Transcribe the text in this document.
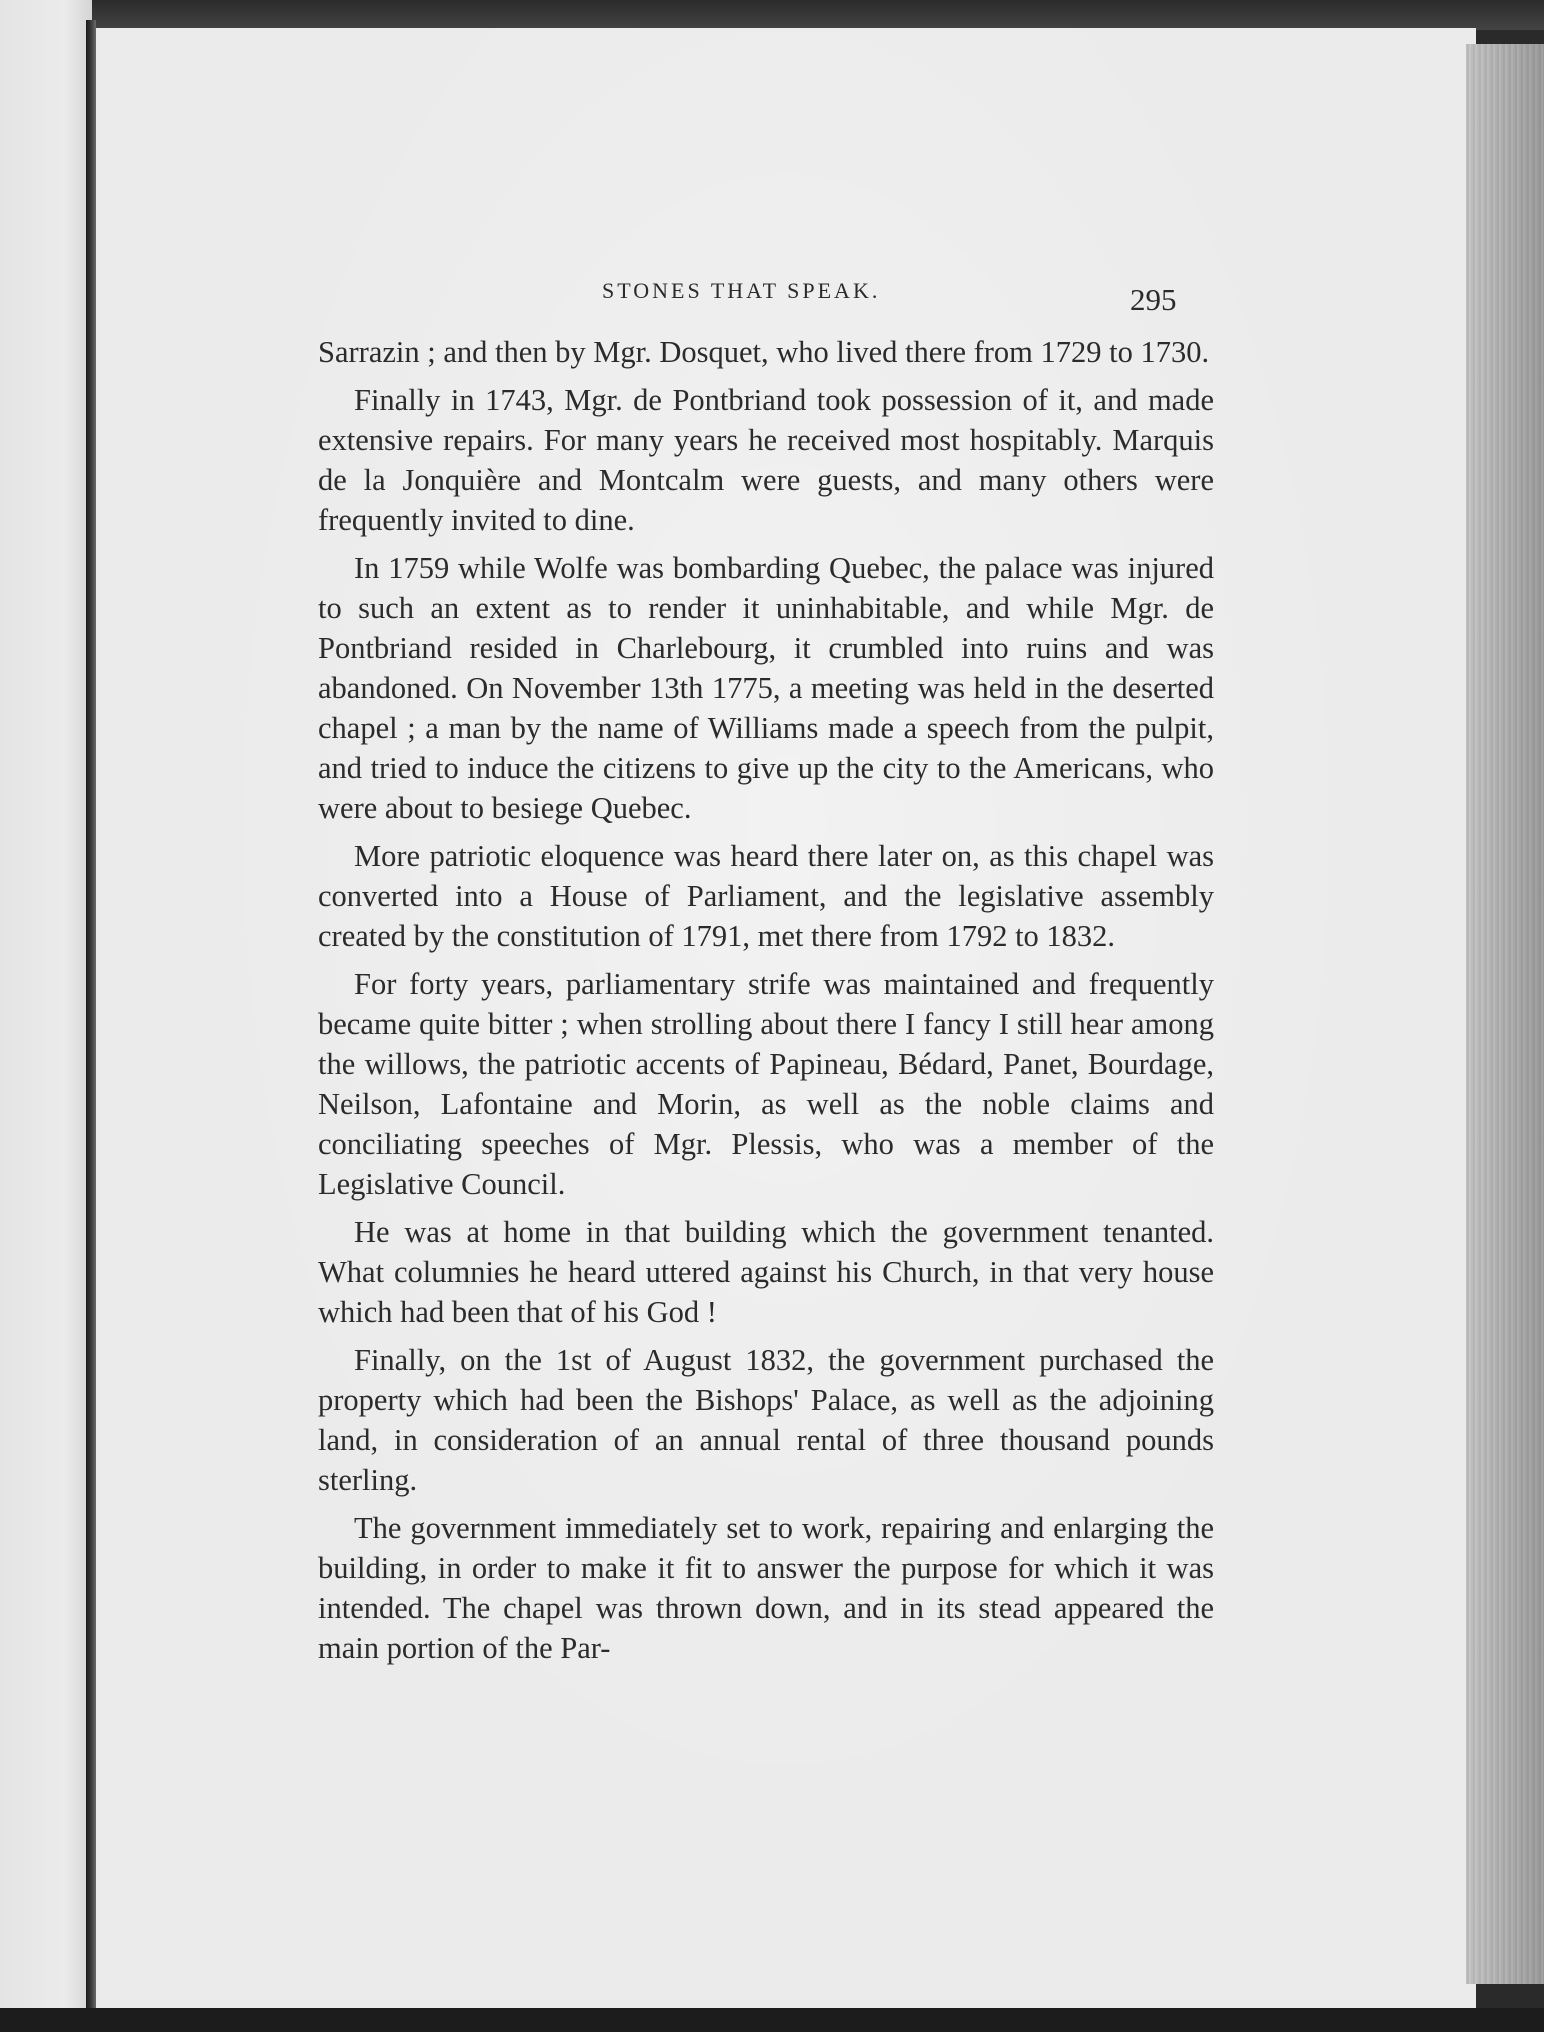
STONES THAT SPEAK.	295

Sarrazin ; and then by Mgr. Dosquet, who lived there from 1729 to 1730.

Finally in 1743, Mgr. de Pontbriand took possession of it, and made extensive repairs. For many years he received most hospitably. Marquis de la Jonquière and Montcalm were guests, and many others were frequently invited to dine.

In 1759 while Wolfe was bombarding Quebec, the palace was injured to such an extent as to render it uninhabitable, and while Mgr. de Pontbriand resided in Charlebourg, it crumbled into ruins and was abandoned. On November 13th 1775, a meeting was held in the deserted chapel ; a man by the name of Williams made a speech from the pulpit, and tried to induce the citizens to give up the city to the Americans, who were about to besiege Quebec.

More patriotic eloquence was heard there later on, as this chapel was converted into a House of Parliament, and the legislative assembly created by the constitution of 1791, met there from 1792 to 1832.

For forty years, parliamentary strife was maintained and frequently became quite bitter ; when strolling about there I fancy I still hear among the willows, the patriotic accents of Papineau, Bédard, Panet, Bourdage, Neilson, Lafontaine and Morin, as well as the noble claims and conciliating speeches of Mgr. Plessis, who was a member of the Legislative Council.

He was at home in that building which the government tenanted. What columnies he heard uttered against his Church, in that very house which had been that of his God !

Finally, on the 1st of August 1832, the government purchased the property which had been the Bishops' Palace, as well as the adjoining land, in consideration of an annual rental of three thousand pounds sterling.

The government immediately set to work, repairing and enlarging the building, in order to make it fit to answer the purpose for which it was intended. The chapel was thrown down, and in its stead appeared the main portion of the Par-
